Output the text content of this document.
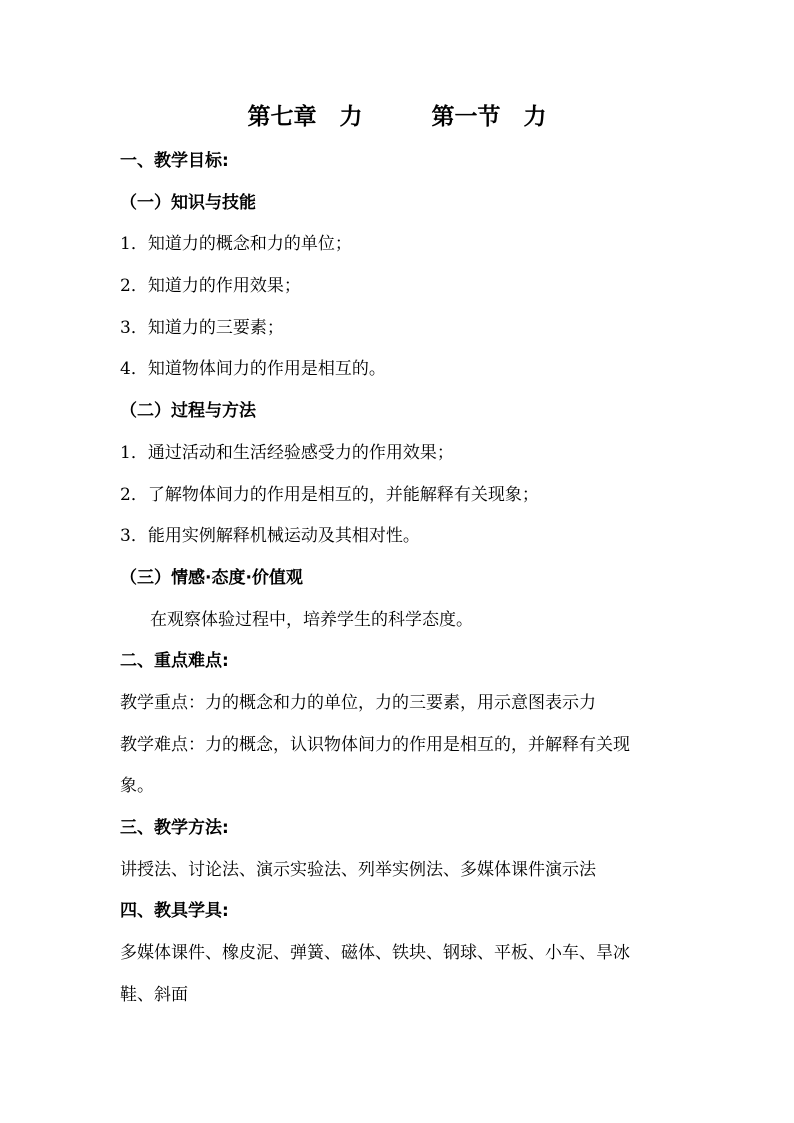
第七章　力　　　第一节　力
一、教学目标:
（一）知识与技能
1．知道力的概念和力的单位；
2．知道力的作用效果；
3．知道力的三要素；
4．知道物体间力的作用是相互的。
（二）过程与方法
1．通过活动和生活经验感受力的作用效果；
2．了解物体间力的作用是相互的，并能解释有关现象；
3．能用实例解释机械运动及其相对性。
（三）情感·态度·价值观
在观察体验过程中，培养学生的科学态度。
二、重点难点:
教学重点：力的概念和力的单位，力的三要素，用示意图表示力
教学难点：力的概念，认识物体间力的作用是相互的，并解释有关现
象。
三、教学方法:
讲授法、讨论法、演示实验法、列举实例法、多媒体课件演示法
四、教具学具:
多媒体课件、橡皮泥、弹簧、磁体、铁块、钢球、平板、小车、旱冰
鞋、斜面
